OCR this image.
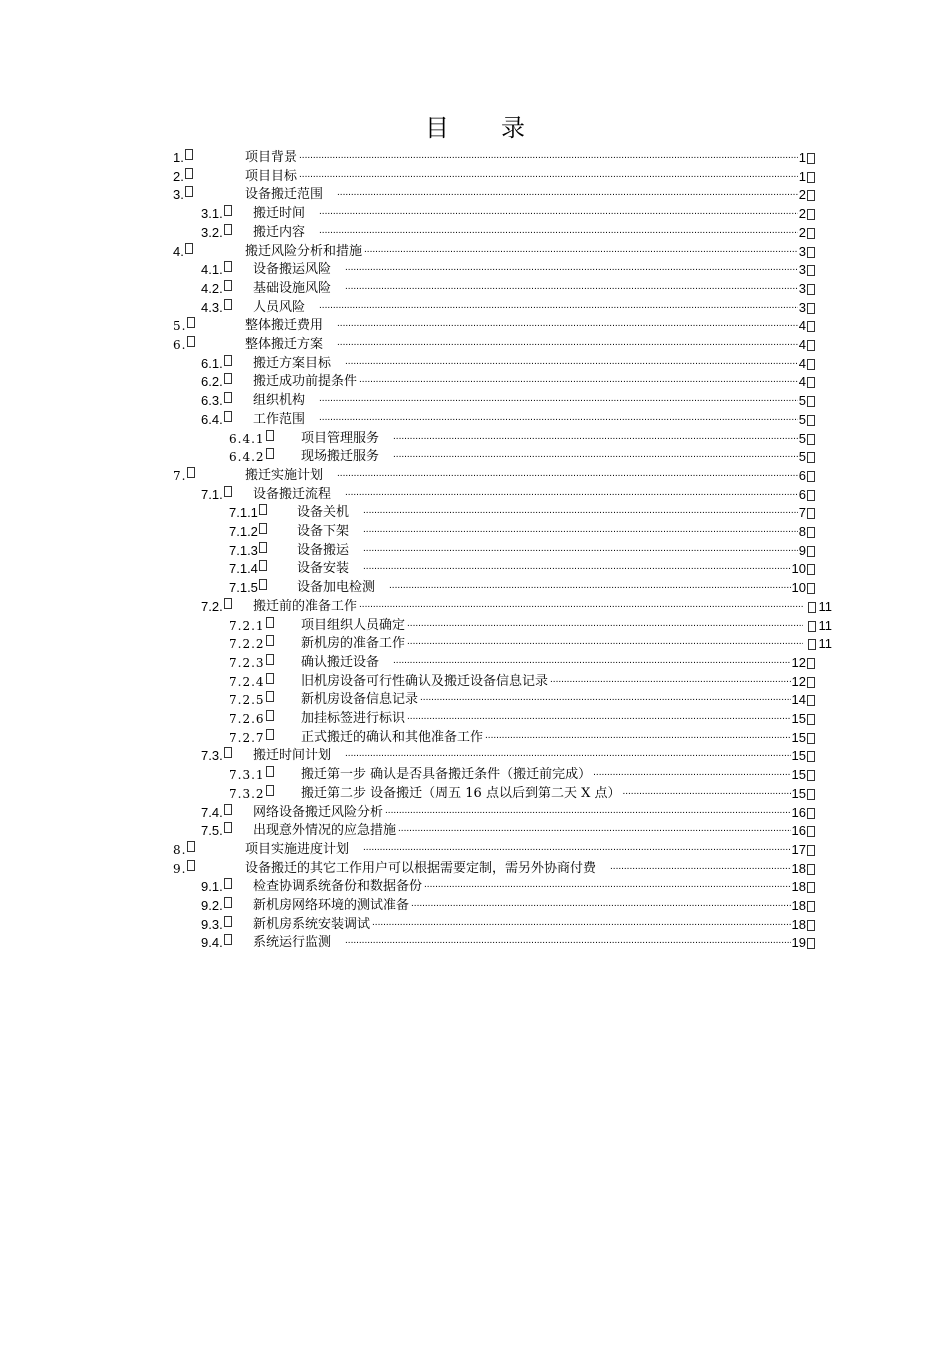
目 录
1.	项目背景	1
.....
2.	项目目标	1
.....
3.	设备搬迁范围	2
.....
3.1.	搬迁时间	2
.....
3.2.	搬迁内容	2
.....
4.	搬迁风险分析和措施	3
.....
4.1.	设备搬运风险	3
.....
4.2.	基础设施风险	3
.....
4.3.	人员风险	3
.....
5.	整体搬迁费用	4
.....
6.	整体搬迁方案	4
.....
6.1.	搬迁方案目标	4
.....
6.2.	搬迁成功前提条件	4
.....
6.3.	组织机构	5
.....
6.4.	工作范围	5
.....
6.4.1	项目管理服务	5
.....
6.4.2	现场搬迁服务	5
.....
7.	搬迁实施计划	6
.....
7.1.	设备搬迁流程	6
.....
7.1.1	设备关机	7
.....
7.1.2	设备下架	8
.....
7.1.3	设备搬运	9
.....
7.1.4	设备安装	10
.....
7.1.5	设备加电检测	10
.....
7.2.	搬迁前的准备工作	11
.....
7.2.1	项目组织人员确定	11
.....
7.2.2	新机房的准备工作	11
.....
7.2.3	确认搬迁设备	12
.....
7.2.4	旧机房设备可行性确认及搬迁设备信息记录	12
.....
7.2.5	新机房设备信息记录	14
.....
7.2.6	加挂标签进行标识	15
.....
7.2.7	正式搬迁的确认和其他准备工作	15
.....
7.3.	搬迁时间计划	15
.....
7.3.1	搬迁第一步 确认是否具备搬迁条件（搬迁前完成）	15
.....
7.3.2	搬迁第二步 设备搬迁（周五 16 点以后到第二天 X 点）	15
.....
7.4.	网络设备搬迁风险分析	16
.....
7.5.	出现意外情况的应急措施	16
.....
8.	项目实施进度计划	17
.....
9.	设备搬迁的其它工作用户可以根据需要定制，需另外协商付费	18
.....
9.1.	检查协调系统备份和数据备份	18
.....
9.2.	新机房网络环境的测试准备	18
.....
9.3.	新机房系统安装调试	18
.....
9.4.	系统运行监测	19
.....
